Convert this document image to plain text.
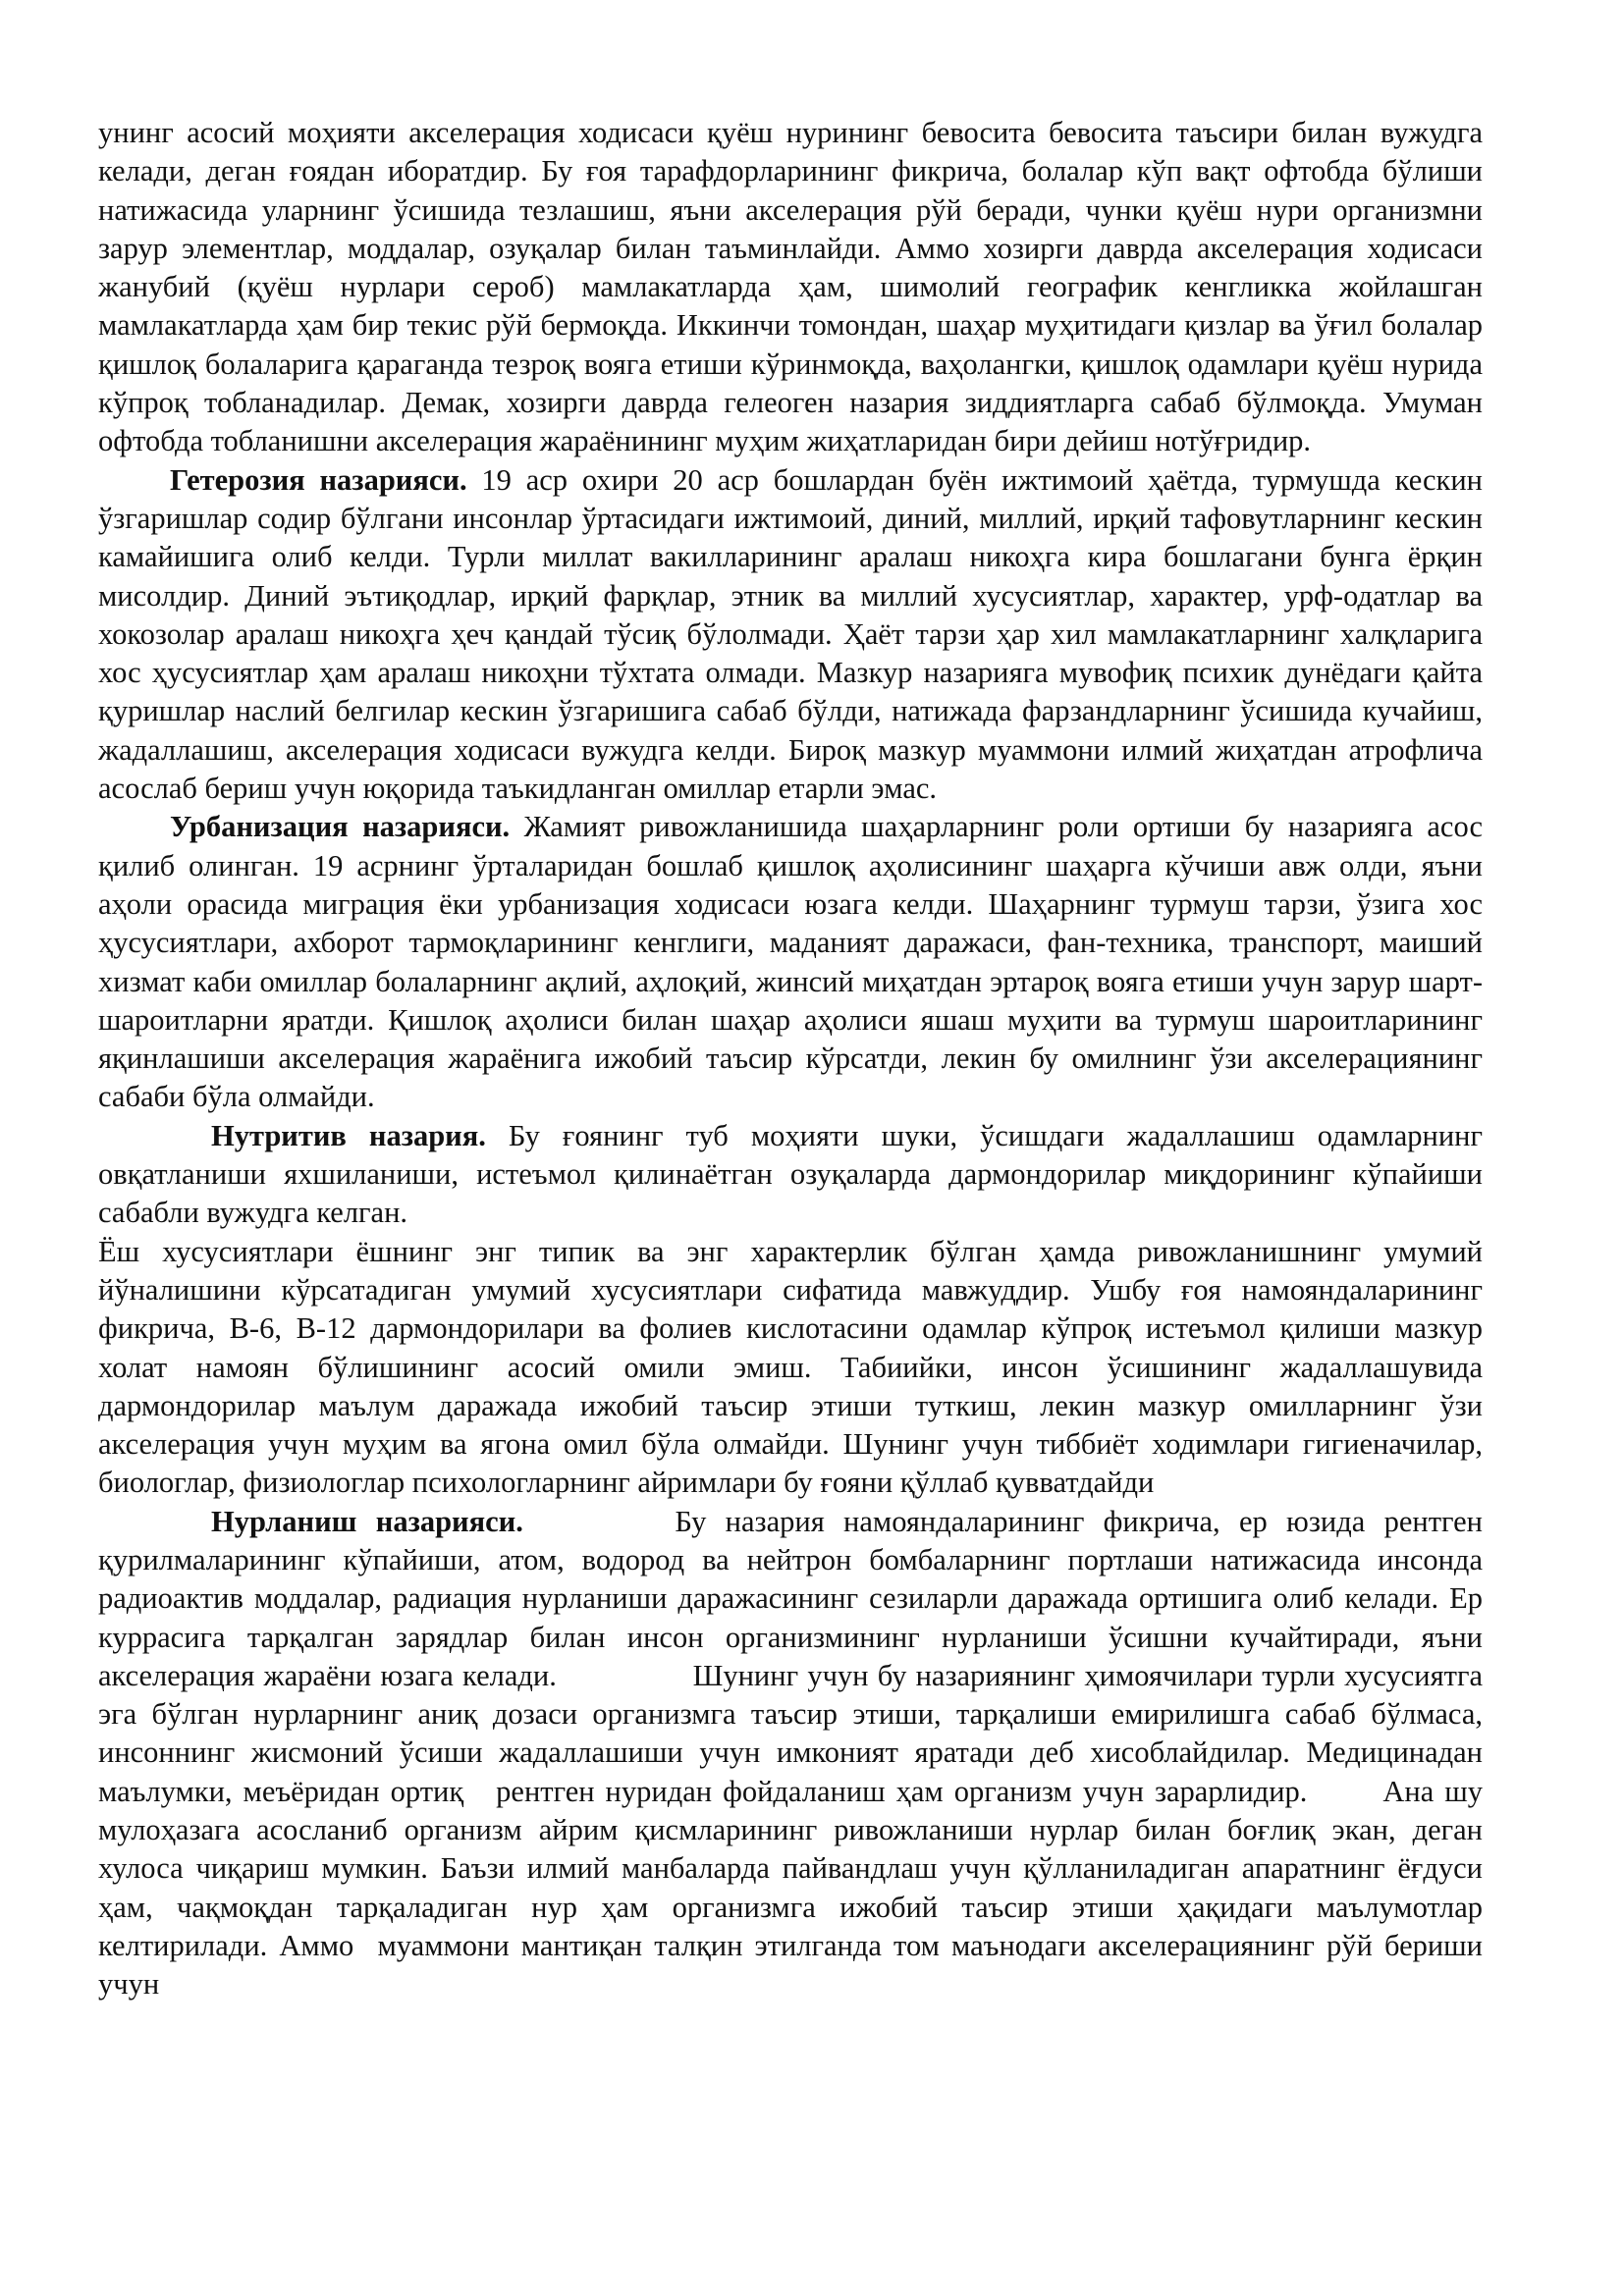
унинг асосий моҳияти акселерация ходисаси қуёш нурининг бевосита бевосита таъсири билан вужудга келади, деган ғоядан иборатдир. Бу ғоя тарафдорларининг фикрича, болалар кўп вақт офтобда бўлиши натижасида уларнинг ўсишида тезлашиш, яъни акселерация рўй беради, чунки қуёш нури организмни зарур элементлар, моддалар, озуқалар билан таъминлайди. Аммо хозирги даврда акселерация ходисаси жанубий (қуёш нурлари сероб) мамлакатларда ҳам, шимолий географик кенгликка жойлашган мамлакатларда ҳам бир текис рўй бермоқда. Иккинчи томондан, шаҳар муҳитидаги қизлар ва ўғил болалар қишлоқ болаларига қараганда тезроқ вояга етиши кўринмоқда, ваҳолангки, қишлоқ одамлари қуёш нурида кўпроқ тобланадилар. Демак, хозирги даврда гелеоген назария зиддиятларга сабаб бўлмоқда. Умуман офтобда тобланишни акселерация жараёнининг муҳим жиҳатларидан бири дейиш нотўғридир.

Гетерозия назарияси. 19 аср охири 20 аср бошлардан буён ижтимоий ҳаётда, турмушда кескин ўзгаришлар содир бўлгани инсонлар ўртасидаги ижтимоий, диний, миллий, ирқий тафовутларнинг кескин камайишига олиб келди. Турли миллат вакилларининг аралаш никоҳга кира бошлагани бунга ёрқин мисолдир. Диний эътиқодлар, ирқий фарқлар, этник ва миллий хусусиятлар, характер, урф-одатлар ва хокозолар аралаш никоҳга ҳеч қандай тўсиқ бўлолмади. Ҳаёт тарзи ҳар хил мамлакатларнинг халқларига хос ҳусусиятлар ҳам аралаш никоҳни тўхтата олмади. Мазкур назарияга мувофиқ психик дунёдаги қайта қуришлар наслий белгилар кескин ўзгаришига сабаб бўлди, натижада фарзандларнинг ўсишида кучайиш, жадаллашиш, акселерация ходисаси вужудга келди. Бироқ мазкур муаммони илмий жиҳатдан атрофлича асослаб бериш учун юқорида таъкидланган омиллар етарли эмас.

Урбанизация назарияси. Жамият ривожланишида шаҳарларнинг роли ортиши бу назарияга асос қилиб олинган. 19 асрнинг ўрталаридан бошлаб қишлоқ аҳолисининг шаҳарга кўчиши авж олди, яъни аҳоли орасида миграция ёки урбанизация ходисаси юзага келди. Шаҳарнинг турмуш тарзи, ўзига хос ҳусусиятлари, ахборот тармоқларининг кенглиги, маданият даражаси, фан-техника, транспорт, маиший хизмат каби омиллар болаларнинг ақлий, аҳлоқий, жинсий миҳатдан эртароқ вояга етиши учун зарур шарт-шароитларни яратди. Қишлоқ аҳолиси билан шаҳар аҳолиси яшаш муҳити ва турмуш шароитларининг яқинлашиши акселерация жараёнига ижобий таъсир кўрсатди, лекин бу омилнинг ўзи акселерациянинг сабаби бўла олмайди.

Нутритив назария. Бу ғоянинг туб моҳияти шуки, ўсишдаги жадаллашиш одамларнинг овқатланиши яхшиланиши, истеъмол қилинаётган озуқаларда дармондорилар миқдорининг кўпайиши сабабли вужудга келган.

Ёш хусусиятлари ёшнинг энг типик ва энг характерлик бўлган ҳамда ривожланишнинг умумий йўналишини кўрсатадиган умумий хусусиятлари сифатида мавжуддир. Ушбу ғоя намояндаларининг фикрича, В-6, В-12 дармондорилари ва фолиев кислотасини одамлар кўпроқ истеъмол қилиши мазкур холат намоян бўлишининг асосий омили эмиш. Табиийки, инсон ўсишининг жадаллашувида дармондорилар маълум даражада ижобий таъсир этиши туткиш, лекин мазкур омилларнинг ўзи акселерация учун муҳим ва ягона омил бўла олмайди. Шунинг учун тиббиёт ходимлари гигиеначилар, биологлар, физиологлар психологларнинг айримлари бу ғояни қўллаб қувватдайди

Нурланиш назарияси.        Бу назария намояндаларининг фикрича, ер юзида рентген қурилмаларининг кўпайиши, атом, водород ва нейтрон бомбаларнинг портлаши натижасида инсонда радиоактив моддалар, радиация нурланиши даражасининг сезиларли даражада ортишига олиб келади. Ер куррасига тарқалган зарядлар билан инсон организмининг нурланиши ўсишни кучайтиради, яъни акселерация жараёни юзага келади.               Шунинг учун бу назариянинг ҳимоячилари турли хусусиятга эга бўлган нурларнинг аниқ дозаси организмга таъсир этиши, тарқалиши емирилишга сабаб бўлмаса, инсоннинг жисмоний ўсиши жадаллашиши учун имконият яратади деб хисоблайдилар. Медицинадан маълумки, меъёридан ортиқ   рентген нуридан фойдаланиш ҳам организм учун зарарлидир.       Ана шу мулоҳазага асосланиб организм айрим қисмларининг ривожланиши нурлар билан боғлиқ экан, деган хулоса чиқариш мумкин. Баъзи илмий манбаларда пайвандлаш учун қўлланиладиган апаратнинг ёғдуси ҳам, чақмоқдан тарқаладиган нур ҳам организмга ижобий таъсир этиши ҳақидаги маълумотлар келтирилади. Аммо  муаммони мантиқан талқин этилганда том маънодаги акселерациянинг рўй бериши учун
